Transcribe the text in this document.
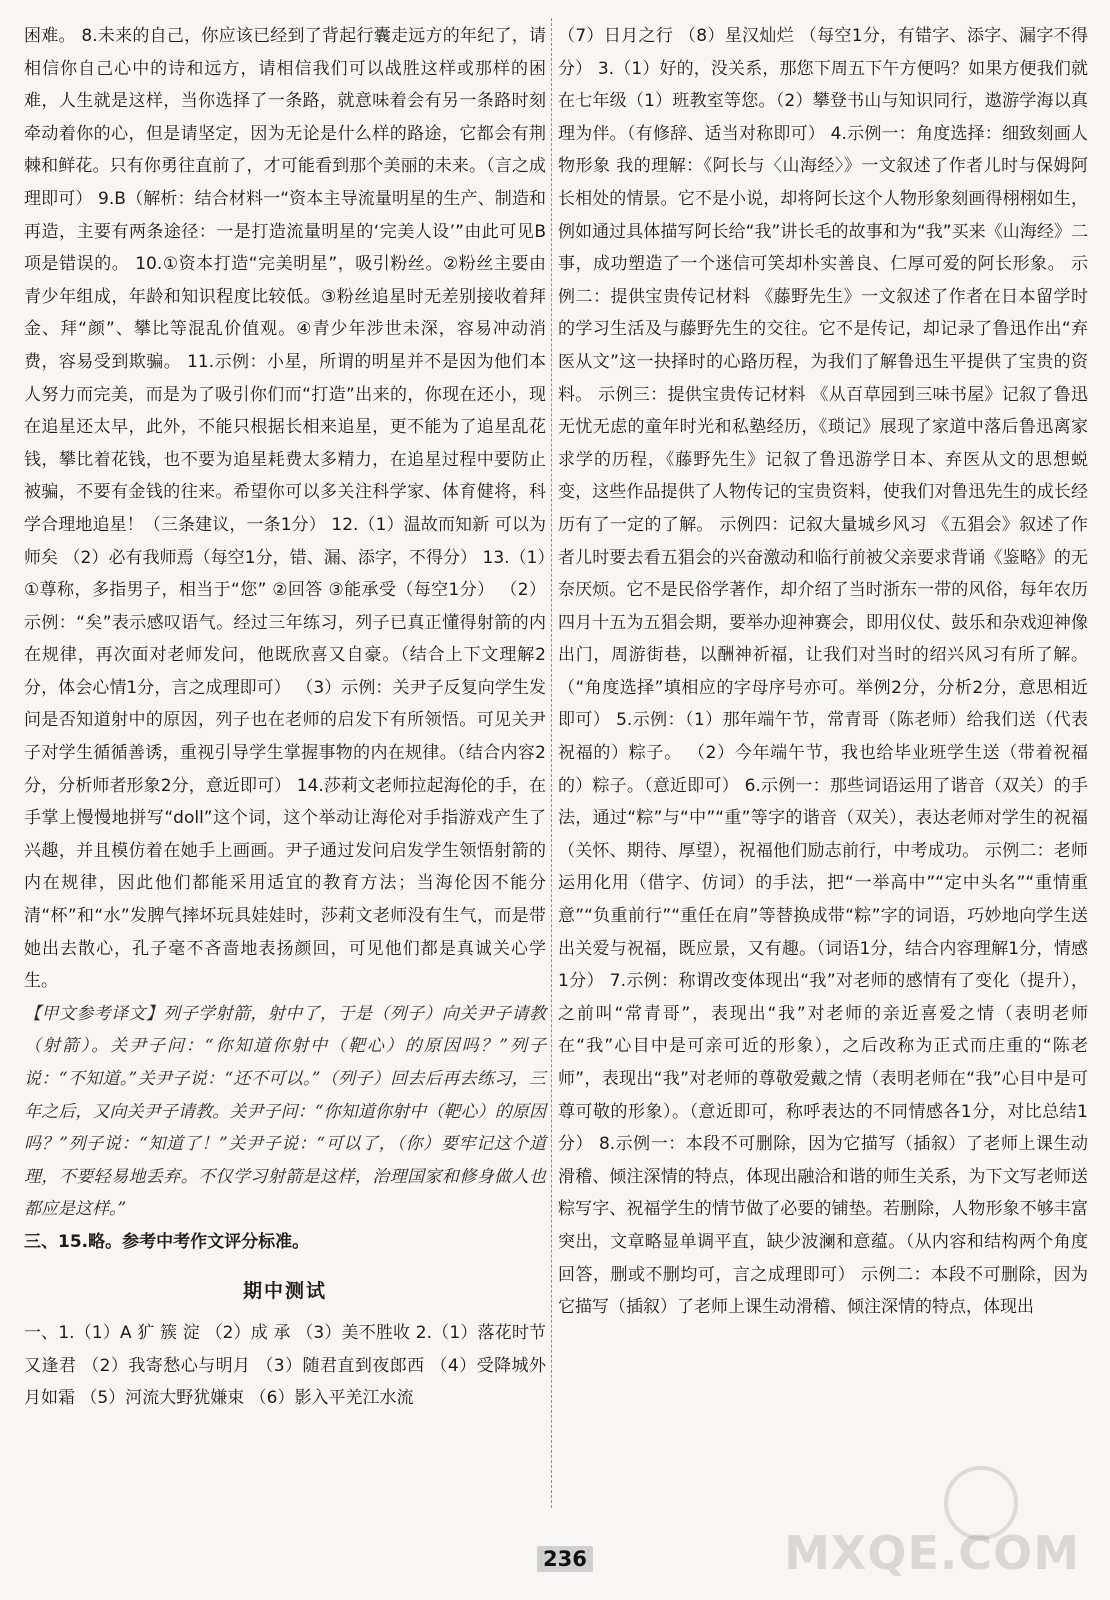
困难。 8.未来的自己，你应该已经到了背起行囊走远方的年纪了，请相信你自己心中的诗和远方，请相信我们可以战胜这样或那样的困难，人生就是这样，当你选择了一条路，就意味着会有另一条路时刻牵动着你的心，但是请坚定，因为无论是什么样的路途，它都会有荆棘和鲜花。只有你勇往直前了，才可能看到那个美丽的未来。（言之成理即可） 9.B（解析：结合材料一“资本主导流量明星的生产、制造和再造，主要有两条途径：一是打造流量明星的‘完美人设’”由此可见B项是错误的。 10.①资本打造“完美明星”，吸引粉丝。②粉丝主要由青少年组成，年龄和知识程度比较低。③粉丝追星时无差别接收着拜金、拜“颜”、攀比等混乱价值观。④青少年涉世未深，容易冲动消费，容易受到欺骗。 11.示例：小星，所谓的明星并不是因为他们本人努力而完美，而是为了吸引你们而“打造”出来的，你现在还小，现在追星还太早，此外，不能只根据长相来追星，更不能为了追星乱花钱，攀比着花钱，也不要为追星耗费太多精力，在追星过程中要防止被骗，不要有金钱的往来。希望你可以多关注科学家、体育健将，科学合理地追星！（三条建议，一条1分） 12.（1）温故而知新 可以为师矣 （2）必有我师焉（每空1分，错、漏、添字，不得分） 13.（1）①尊称，多指男子，相当于“您” ②回答 ③能承受（每空1分） （2）示例：“矣”表示感叹语气。经过三年练习，列子已真正懂得射箭的内在规律，再次面对老师发问，他既欣喜又自豪。（结合上下文理解2分，体会心情1分，言之成理即可） （3）示例：关尹子反复向学生发问是否知道射中的原因，列子也在老师的启发下有所领悟。可见关尹子对学生循循善诱，重视引导学生掌握事物的内在规律。（结合内容2分，分析师者形象2分，意近即可） 14.莎莉文老师拉起海伦的手，在手掌上慢慢地拼写“doll”这个词，这个举动让海伦对手指游戏产生了兴趣，并且模仿着在她手上画画。尹子通过发问启发学生领悟射箭的内在规律，因此他们都能采用适宜的教育方法；当海伦因不能分清“杯”和“水”发脾气摔坏玩具娃娃时，莎莉文老师没有生气，而是带她出去散心，孔子毫不吝啬地表扬颜回，可见他们都是真诚关心学生。

【甲文参考译文】列子学射箭，射中了，于是（列子）向关尹子请教（射箭）。关尹子问：“你知道你射中（靶心）的原因吗？”列子说：“不知道。”关尹子说：“还不可以。”（列子）回去后再去练习，三年之后，又向关尹子请教。关尹子问：“你知道你射中（靶心）的原因吗？”列子说：“知道了！”关尹子说：“可以了，（你）要牢记这个道理，不要轻易地丢弃。不仅学习射箭是这样，治理国家和修身做人也都应是这样。”

三、15.略。参考中考作文评分标准。

期中测试

一、1.（1）A 犷 簇 淀 （2）成 承 （3）美不胜收 2.（1）落花时节又逢君 （2）我寄愁心与明月 （3）随君直到夜郎西 （4）受降城外月如霜 （5）河流大野犹嫌束 （6）影入平羌江水流

（7）日月之行 （8）星汉灿烂 （每空1分，有错字、添字、漏字不得分） 3.（1）好的，没关系，那您下周五下午方便吗？如果方便我们就在七年级（1）班教室等您。（2）攀登书山与知识同行，遨游学海以真理为伴。（有修辞、适当对称即可） 4.示例一：角度选择：细致刻画人物形象 我的理解：《阿长与〈山海经〉》一文叙述了作者儿时与保姆阿长相处的情景。它不是小说，却将阿长这个人物形象刻画得栩栩如生，例如通过具体描写阿长给“我”讲长毛的故事和为“我”买来《山海经》二事，成功塑造了一个迷信可笑却朴实善良、仁厚可爱的阿长形象。 示例二：提供宝贵传记材料 《藤野先生》一文叙述了作者在日本留学时的学习生活及与藤野先生的交往。它不是传记，却记录了鲁迅作出“弃医从文”这一抉择时的心路历程，为我们了解鲁迅生平提供了宝贵的资料。 示例三：提供宝贵传记材料 《从百草园到三味书屋》记叙了鲁迅无忧无虑的童年时光和私塾经历，《琐记》展现了家道中落后鲁迅离家求学的历程，《藤野先生》记叙了鲁迅游学日本、弃医从文的思想蜕变，这些作品提供了人物传记的宝贵资料，使我们对鲁迅先生的成长经历有了一定的了解。 示例四：记叙大量城乡风习 《五猖会》叙述了作者儿时要去看五猖会的兴奋激动和临行前被父亲要求背诵《鉴略》的无奈厌烦。它不是民俗学著作，却介绍了当时浙东一带的风俗，每年农历四月十五为五猖会期，要举办迎神赛会，即用仪仗、鼓乐和杂戏迎神像出门，周游街巷，以酬神祈福，让我们对当时的绍兴风习有所了解。（“角度选择”填相应的字母序号亦可。举例2分，分析2分，意思相近即可） 5.示例：（1）那年端午节，常青哥（陈老师）给我们送（代表祝福的）粽子。 （2）今年端午节，我也给毕业班学生送（带着祝福的）粽子。（意近即可） 6.示例一：那些词语运用了谐音（双关）的手法，通过“粽”与“中”“重”等字的谐音（双关），表达老师对学生的祝福（关怀、期待、厚望），祝福他们励志前行，中考成功。 示例二：老师运用化用（借字、仿词）的手法，把“一举高中”“定中头名”“重情重意”“负重前行”“重任在肩”等替换成带“粽”字的词语，巧妙地向学生送出关爱与祝福，既应景，又有趣。（词语1分，结合内容理解1分，情感1分） 7.示例：称谓改变体现出“我”对老师的感情有了变化（提升），之前叫“常青哥”，表现出“我”对老师的亲近喜爱之情（表明老师在“我”心目中是可亲可近的形象），之后改称为正式而庄重的“陈老师”，表现出“我”对老师的尊敬爱戴之情（表明老师在“我”心目中是可尊可敬的形象）。（意近即可，称呼表达的不同情感各1分，对比总结1分） 8.示例一：本段不可删除，因为它描写（插叙）了老师上课生动滑稽、倾注深情的特点，体现出融洽和谐的师生关系，为下文写老师送粽写字、祝福学生的情节做了必要的铺垫。若删除，人物形象不够丰富突出，文章略显单调平直，缺少波澜和意蕴。（从内容和结构两个角度回答，删或不删均可，言之成理即可） 示例二：本段不可删除，因为它描写（插叙）了老师上课生动滑稽、倾注深情的特点，体现出

236	MXQE.COM
